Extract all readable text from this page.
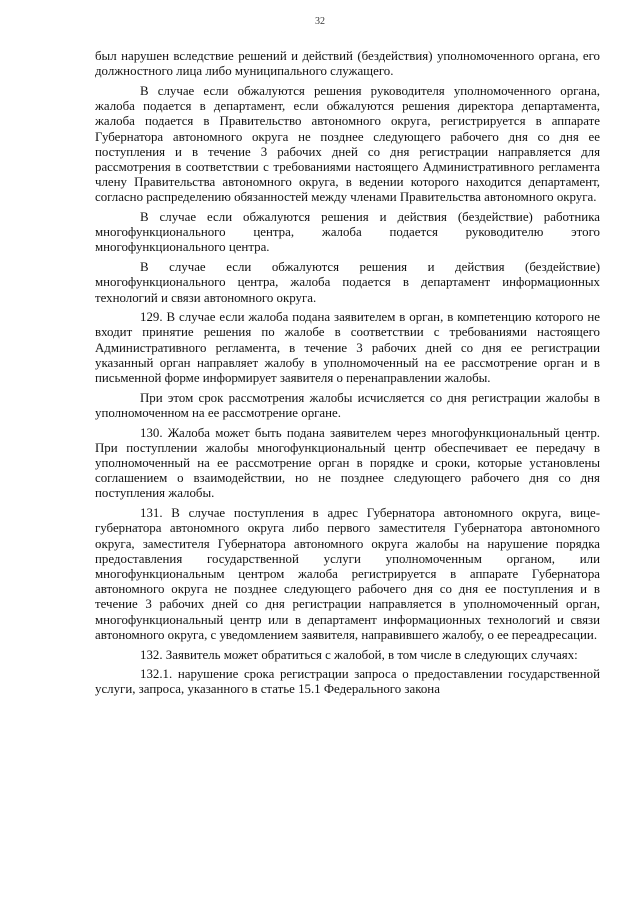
32

был нарушен вследствие решений и действий (бездействия) уполномоченного органа, его должностного лица либо муниципального служащего.

В случае если обжалуются решения руководителя уполномоченного органа, жалоба подается в департамент, если обжалуются решения директора департамента, жалоба подается в Правительство автономного округа, регистрируется в аппарате Губернатора автономного округа не позднее следующего рабочего дня со дня ее поступления и в течение 3 рабочих дней со дня регистрации направляется для рассмотрения в соответствии с требованиями настоящего Административного регламента члену Правительства автономного округа, в ведении которого находится департамент, согласно распределению обязанностей между членами Правительства автономного округа.

В случае если обжалуются решения и действия (бездействие) работника многофункционального центра, жалоба подается руководителю этого многофункционального центра.

В случае если обжалуются решения и действия (бездействие) многофункционального центра, жалоба подается в департамент информационных технологий и связи автономного округа.

129. В случае если жалоба подана заявителем в орган, в компетенцию которого не входит принятие решения по жалобе в соответствии с требованиями настоящего Административного регламента, в течение 3 рабочих дней со дня ее регистрации указанный орган направляет жалобу в уполномоченный на ее рассмотрение орган и в письменной форме информирует заявителя о перенаправлении жалобы.

При этом срок рассмотрения жалобы исчисляется со дня регистрации жалобы в уполномоченном на ее рассмотрение органе.

130. Жалоба может быть подана заявителем через многофункциональный центр. При поступлении жалобы многофункциональный центр обеспечивает ее передачу в уполномоченный на ее рассмотрение орган в порядке и сроки, которые установлены соглашением о взаимодействии, но не позднее следующего рабочего дня со дня поступления жалобы.

131. В случае поступления в адрес Губернатора автономного округа, вице-губернатора автономного округа либо первого заместителя Губернатора автономного округа, заместителя Губернатора автономного округа жалобы на нарушение порядка предоставления государственной услуги уполномоченным органом, или многофункциональным центром жалоба регистрируется в аппарате Губернатора автономного округа не позднее следующего рабочего дня со дня ее поступления и в течение 3 рабочих дней со дня регистрации направляется в уполномоченный орган, многофункциональный центр или в департамент информационных технологий и связи автономного округа, с уведомлением заявителя, направившего жалобу, о ее переадресации.

132. Заявитель может обратиться с жалобой, в том числе в следующих случаях:

132.1. нарушение срока регистрации запроса о предоставлении государственной услуги, запроса, указанного в статье 15.1 Федерального закона
